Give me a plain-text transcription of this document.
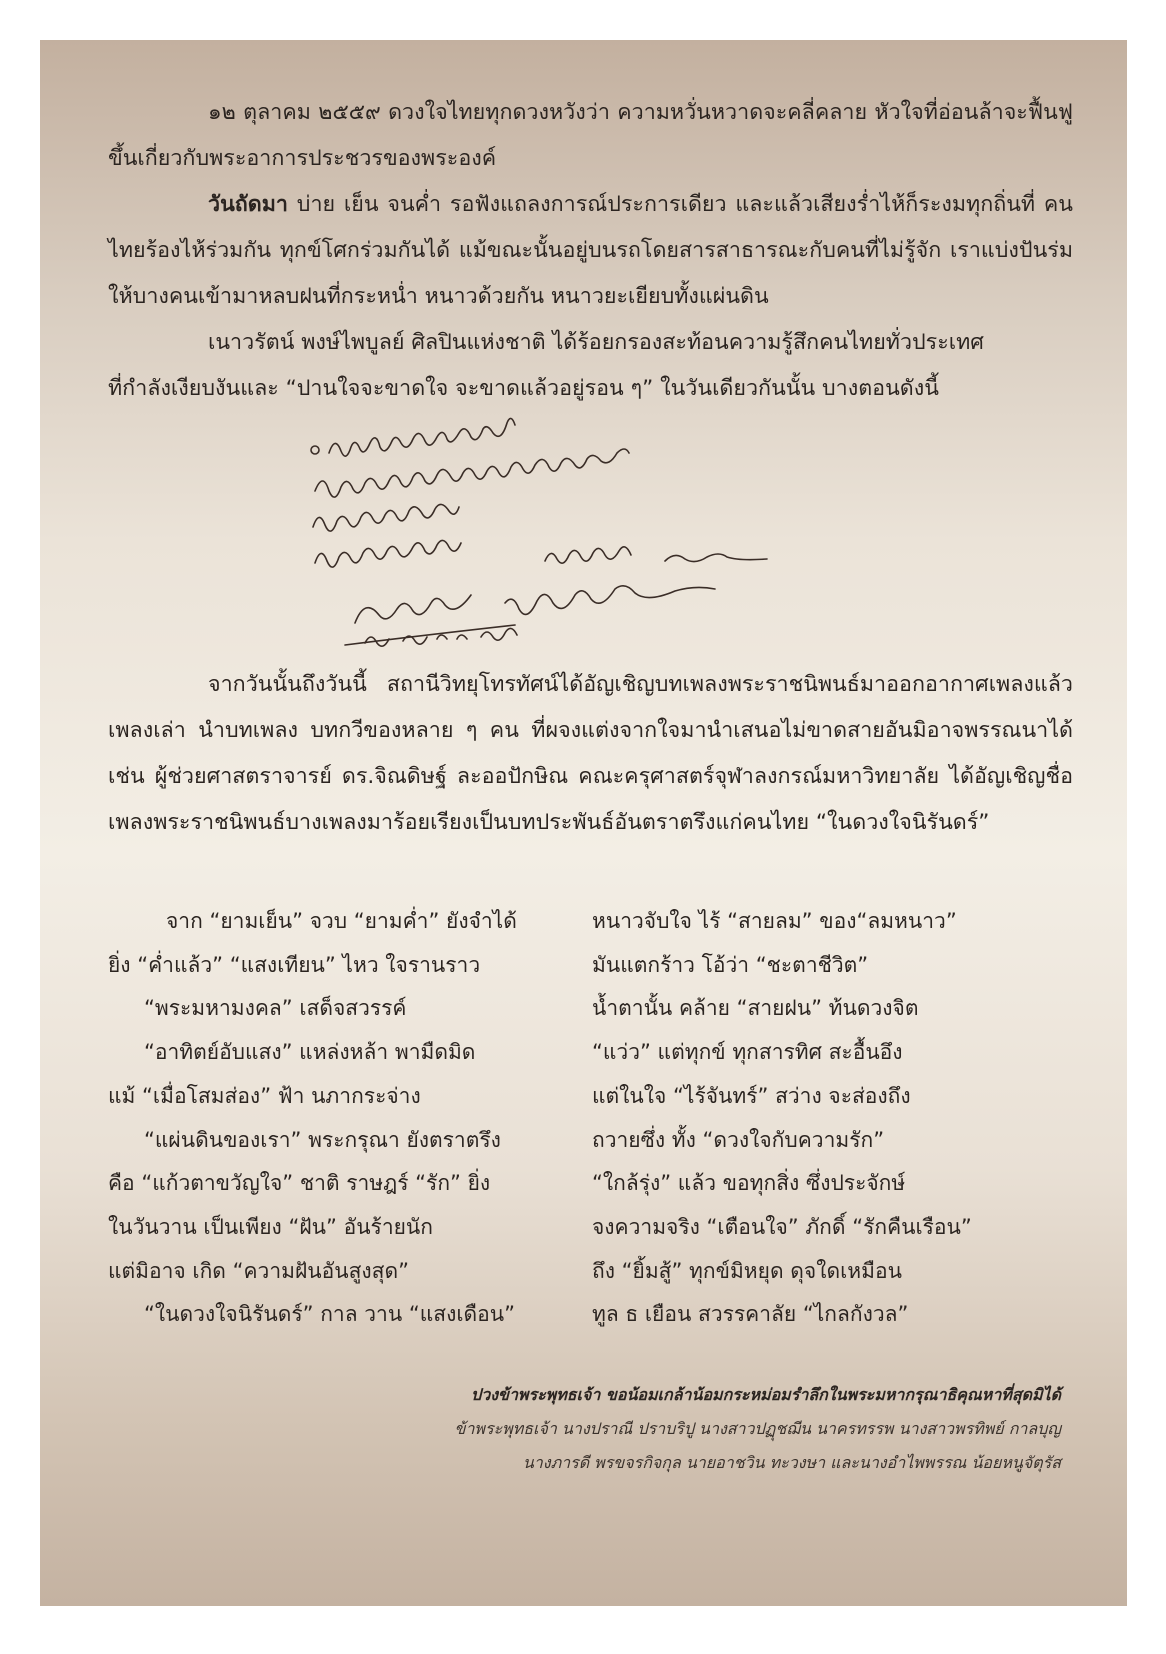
๑๒ ตุลาคม ๒๕๕๙ ดวงใจไทยทุกดวงหวังว่า ความหวั่นหวาดจะคลี่คลาย หัวใจที่อ่อนล้าจะฟื้นฟูขึ้นเกี่ยวกับพระอาการประชวรของพระองค์

วันถัดมา บ่าย เย็น จนค่ำ รอฟังแถลงการณ์ประการเดียว และแล้วเสียงร่ำไห้ก็ระงมทุกถิ่นที่ คนไทยร้องไห้ร่วมกัน ทุกข์โศกร่วมกันได้ แม้ขณะนั้นอยู่บนรถโดยสารสาธารณะกับคนที่ไม่รู้จัก เราแบ่งปันร่มให้บางคนเข้ามาหลบฝนที่กระหน่ำ หนาวด้วยกัน หนาวยะเยียบทั้งแผ่นดิน

เนาวรัตน์ พงษ์ไพบูลย์ ศิลปินแห่งชาติ ได้ร้อยกรองสะท้อนความรู้สึกคนไทยทั่วประเทศ

ที่กำลังเงียบงันและ “ปานใจจะขาดใจ จะขาดแล้วอยู่รอน ๆ” ในวันเดียวกันนั้น บางตอนดังนี้

จากวันนั้นถึงวันนี้ สถานีวิทยุโทรทัศน์ได้อัญเชิญบทเพลงพระราชนิพนธ์มาออกอากาศเพลงแล้วเพลงเล่า นำบทเพลง บทกวีของหลาย ๆ คน ที่ผจงแต่งจากใจมานำเสนอไม่ขาดสายอันมิอาจพรรณนาได้ เช่น ผู้ช่วยศาสตราจารย์ ดร.จิณดิษฐ์ ละออปักษิณ คณะครุศาสตร์จุฬาลงกรณ์มหาวิทยาลัย ได้อัญเชิญชื่อเพลงพระราชนิพนธ์บางเพลงมาร้อยเรียงเป็นบทประพันธ์อันตราตรึงแก่คนไทย “ในดวงใจนิรันดร์”

จาก “ยามเย็น” จวบ “ยามค่ำ” ยังจำได้
ยิ่ง “ค่ำแล้ว” “แสงเทียน” ไหว ใจรานราว
“พระมหามงคล” เสด็จสวรรค์
“อาทิตย์อับแสง” แหล่งหล้า พามืดมิด
แม้ “เมื่อโสมส่อง” ฟ้า นภากระจ่าง
“แผ่นดินของเรา” พระกรุณา ยังตราตรึง
คือ “แก้วตาขวัญใจ” ชาติ ราษฎร์ “รัก” ยิ่ง
ในวันวาน เป็นเพียง “ฝัน” อันร้ายนัก
แต่มิอาจ เกิด “ความฝันอันสูงสุด”
“ในดวงใจนิรันดร์” กาล วาน “แสงเดือน”
หนาวจับใจ ไร้ “สายลม” ของ“ลมหนาว”
มันแตกร้าว โอ้ว่า “ชะตาชีวิต”
น้ำตานั้น คล้าย “สายฝน” ท้นดวงจิต
“แว่ว” แต่ทุกข์ ทุกสารทิศ สะอื้นอึง
แต่ในใจ “ไร้จันทร์” สว่าง จะส่องถึง
ถวายซึ่ง ทั้ง “ดวงใจกับความรัก”
“ใกล้รุ่ง” แล้ว ขอทุกสิ่ง ซึ่งประจักษ์
จงความจริง “เตือนใจ” ภักดิ์ “รักคืนเรือน”
ถึง “ยิ้มสู้” ทุกข์มิหยุด ดุจใดเหมือน
ทูล ธ เยือน สวรรคาลัย “ไกลกังวล”
ปวงข้าพระพุทธเจ้า ขอน้อมเกล้าน้อมกระหม่อมรำลึกในพระมหากรุณาธิคุณหาที่สุดมิได้
ข้าพระพุทธเจ้า นางปราณี ปราบริปู นางสาวปฏุชฌีน นาครทรรพ นางสาวพรทิพย์ กาลบุญ
นางภารดี พรขจรกิจกุล นายอาชวิน ทะวงษา และนางอำไพพรรณ น้อยหนูจัตุรัส
